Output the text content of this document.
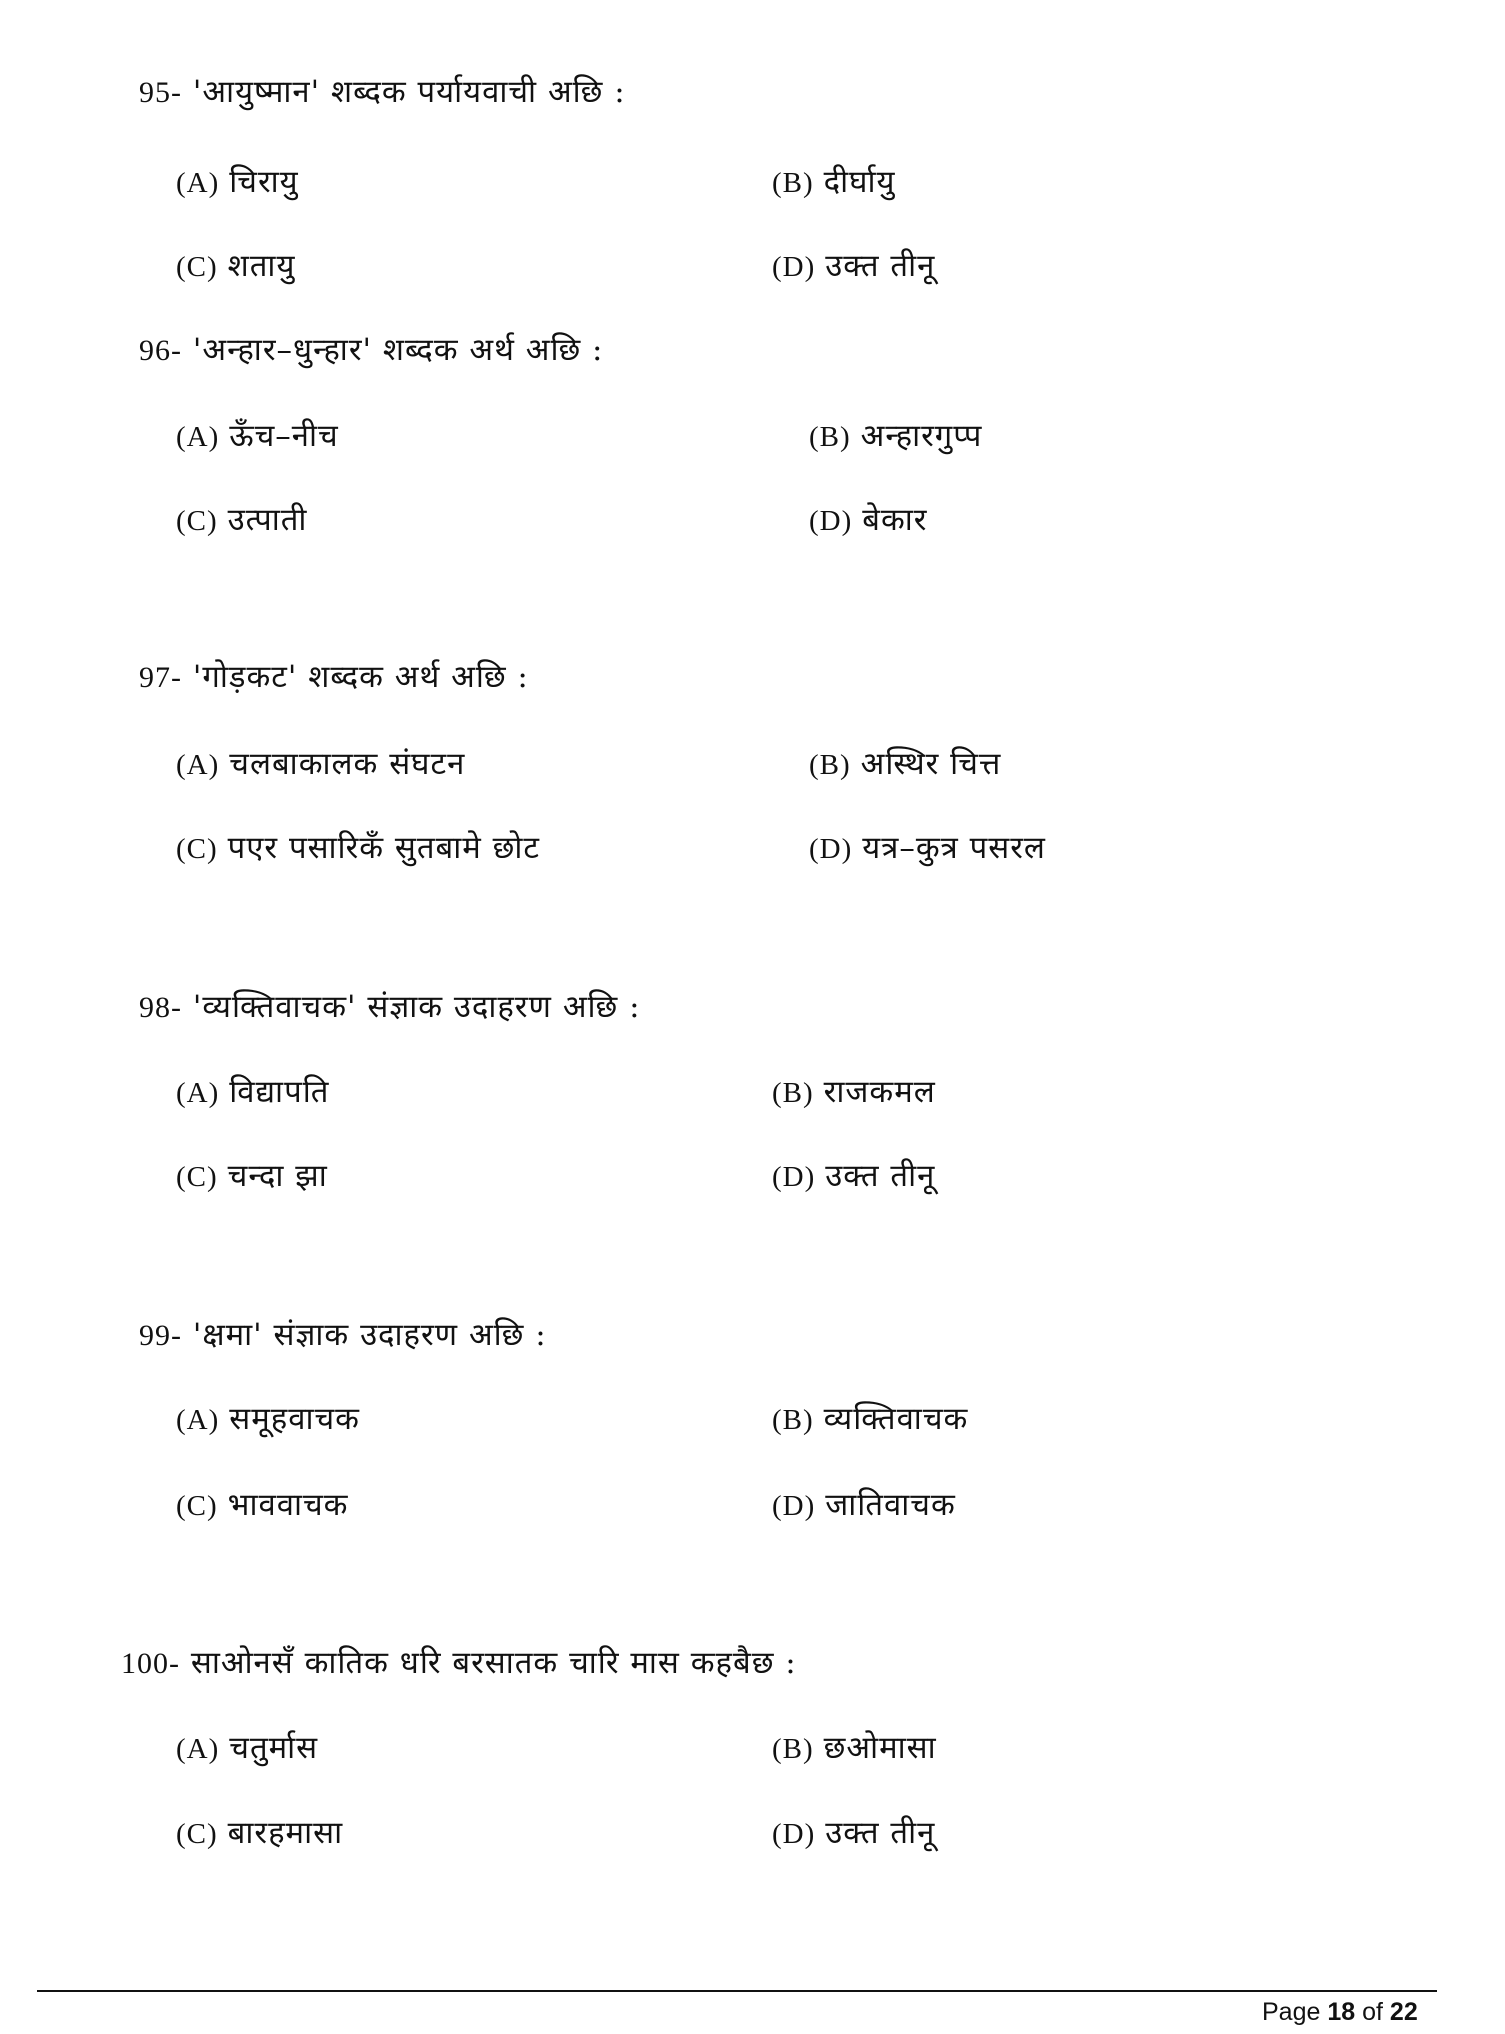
95- 'आयुष्मान' शब्दक पर्यायवाची अछि :
(A) चिरायु	(B) दीर्घायु
(C) शतायु	(D) उक्त तीनू
96- 'अन्हार–धुन्हार' शब्दक अर्थ अछि :
(A) ऊँच–नीच	(B) अन्हारगुप्प
(C) उत्पाती	(D) बेकार
97- 'गोड़कट' शब्दक अर्थ अछि :
(A) चलबाकालक संघटन	(B) अस्थिर चित्त
(C) पएर पसारिकँ सुतबामे छोट	(D) यत्र–कुत्र पसरल
98- 'व्यक्तिवाचक' संज्ञाक उदाहरण अछि :
(A) विद्यापति	(B) राजकमल
(C) चन्दा झा	(D) उक्त तीनू
99- 'क्षमा' संज्ञाक उदाहरण अछि :
(A) समूहवाचक	(B) व्यक्तिवाचक
(C) भाववाचक	(D) जातिवाचक
100- साओनसँ कातिक धरि बरसातक चारि मास कहबैछ :
(A) चतुर्मास	(B) छओमासा
(C) बारहमासा	(D) उक्त तीनू
Page 18 of 22
